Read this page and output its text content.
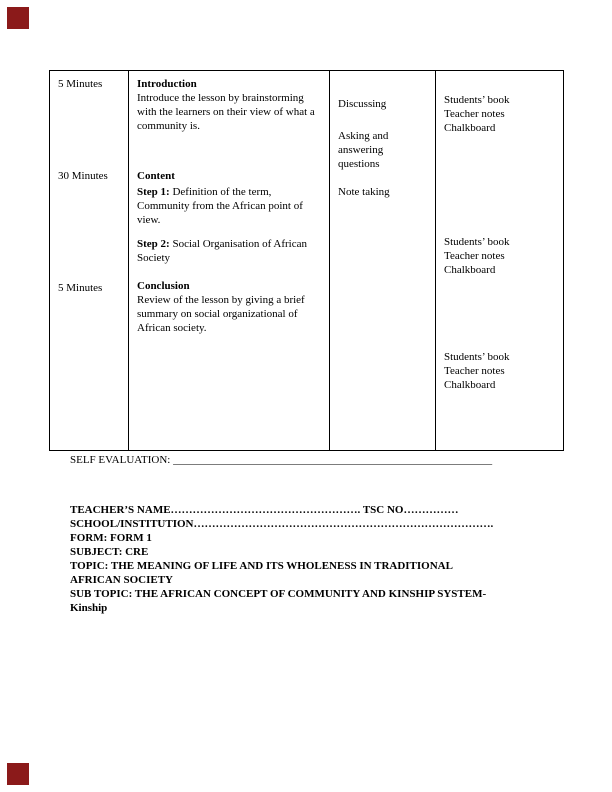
5 Minutes
30 Minutes
5 Minutes
Introduction
Introduce the lesson by brainstorming with the learners on their view of what a community is.
Content
Step 1: Definition of the term, Community from the African point of view.
Step 2: Social Organisation of African Society
Conclusion
Review of the lesson by giving a brief summary on social organizational of African society.
Discussing
Asking and answering questions
Note taking
Students’ book
Teacher notes
Chalkboard
Students’ book
Teacher notes
Chalkboard
Students’ book
Teacher notes
Chalkboard
SELF EVALUATION: __________________________________________________________

TEACHER’S NAME……………………………………………. TSC NO……………

SCHOOL/INSTITUTION……………………………………………………………………….

FORM: FORM 1

SUBJECT: CRE

TOPIC: THE MEANING OF LIFE AND ITS WHOLENESS IN TRADITIONAL

AFRICAN SOCIETY

SUB TOPIC: THE AFRICAN CONCEPT OF COMMUNITY AND KINSHIP SYSTEM-

Kinship
